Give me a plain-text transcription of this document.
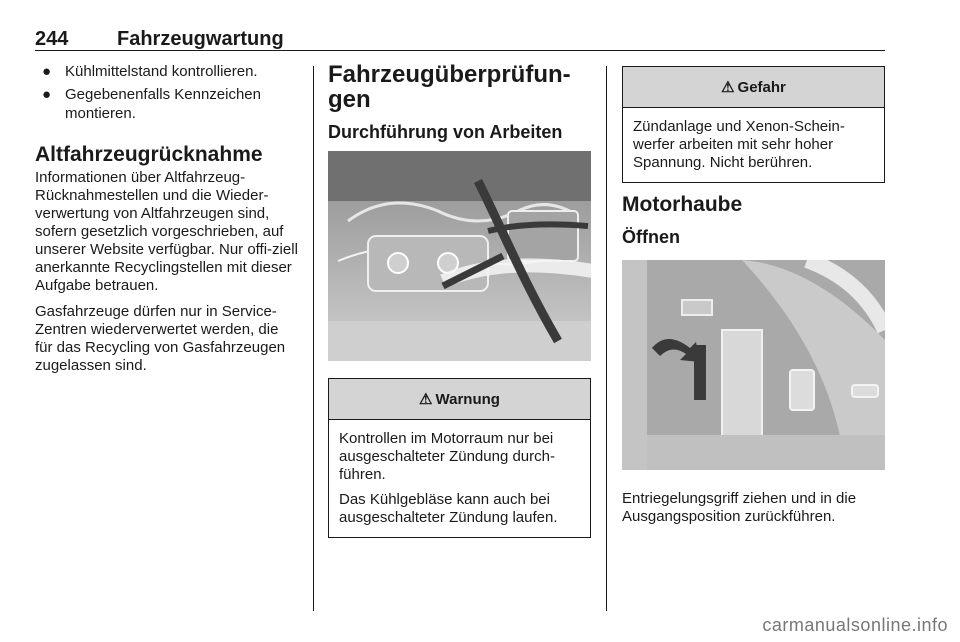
244 Fahrzeugwartung
● Kühlmittelstand kontrollieren.
● Gegebenenfalls Kennzeichen montieren.
Altfahrzeugrücknahme

Informationen über Altfahrzeug-Rücknahmestellen und die Wieder-verwertung von Altfahrzeugen sind, sofern gesetzlich vorgeschrieben, auf unserer Website verfügbar. Nur offi-ziell anerkannte Recyclingstellen mit dieser Aufgabe betrauen.

Gasfahrzeuge dürfen nur in Service-Zentren wiederverwertet werden, die für das Recycling von Gasfahrzeugen zugelassen sind.

Fahrzeugüberprüfun-gen
Durchführung von Arbeiten
⚠ Warnung

Kontrollen im Motorraum nur bei ausgeschalteter Zündung durch-führen.

Das Kühlgebläse kann auch bei ausgeschalteter Zündung laufen.

⚠ Gefahr

Zündanlage und Xenon-Schein-werfer arbeiten mit sehr hoher Spannung. Nicht berühren.

Motorhaube
Öffnen

Entriegelungsgriff ziehen und in die Ausgangsposition zurückführen.

carmanualsonline.info
